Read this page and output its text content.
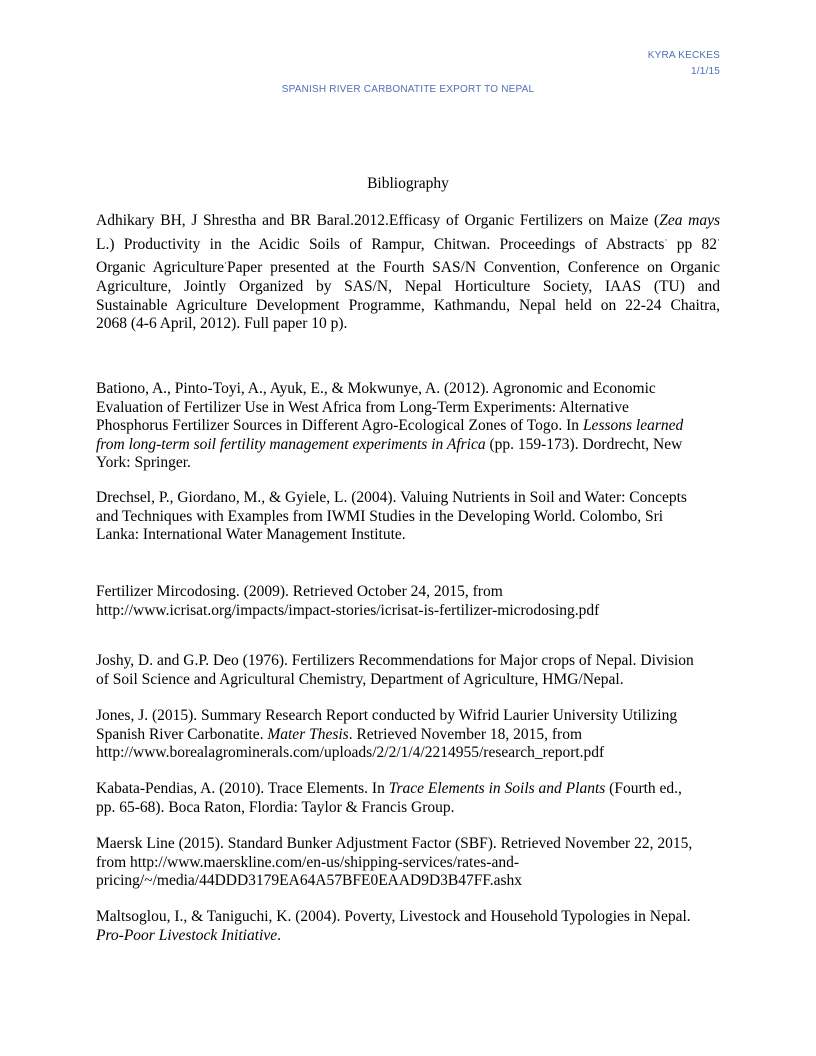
KYRA KECKES
1/1/15
SPANISH RIVER CARBONATITE EXPORT TO NEPAL
Bibliography

Adhikary BH, J Shrestha and BR Baral.2012.Efficasy of Organic Fertilizers on Maize (Zea mays
L.) Productivity in the Acidic Soils of Rampur, Chitwan. Proceedings of Abstracts· pp 82·
Organic Agriculture·Paper presented at the Fourth SAS/N Convention, Conference on Organic
Agriculture, Jointly Organized by SAS/N, Nepal Horticulture Society, IAAS (TU) and
Sustainable Agriculture Development Programme, Kathmandu, Nepal held on 22-24 Chaitra,
2068 (4-6 April, 2012). Full paper 10 p).

Bationo, A., Pinto-Toyi, A., Ayuk, E., & Mokwunye, A. (2012). Agronomic and Economic
Evaluation of Fertilizer Use in West Africa from Long-Term Experiments: Alternative
Phosphorus Fertilizer Sources in Different Agro-Ecological Zones of Togo. In Lessons learned
from long-term soil fertility management experiments in Africa (pp. 159-173). Dordrecht, New
York: Springer.

Drechsel, P., Giordano, M., & Gyiele, L. (2004). Valuing Nutrients in Soil and Water: Concepts
and Techniques with Examples from IWMI Studies in the Developing World. Colombo, Sri
Lanka: International Water Management Institute.

Fertilizer Mircodosing. (2009). Retrieved October 24, 2015, from
http://www.icrisat.org/impacts/impact-stories/icrisat-is-fertilizer-microdosing.pdf

Joshy, D. and G.P. Deo (1976). Fertilizers Recommendations for Major crops of Nepal. Division
of Soil Science and Agricultural Chemistry, Department of Agriculture, HMG/Nepal.

Jones, J. (2015). Summary Research Report conducted by Wifrid Laurier University Utilizing
Spanish River Carbonatite. Mater Thesis. Retrieved November 18, 2015, from
http://www.borealagrominerals.com/uploads/2/2/1/4/2214955/research_report.pdf

Kabata-Pendias, A. (2010). Trace Elements. In Trace Elements in Soils and Plants (Fourth ed.,
pp. 65-68). Boca Raton, Flordia: Taylor & Francis Group.

Maersk Line (2015). Standard Bunker Adjustment Factor (SBF). Retrieved November 22, 2015,
from http://www.maerskline.com/en-us/shipping-services/rates-and-
pricing/~/media/44DDD3179EA64A57BFE0EAAD9D3B47FF.ashx

Maltsoglou, I., & Taniguchi, K. (2004). Poverty, Livestock and Household Typologies in Nepal.
Pro-Poor Livestock Initiative.
